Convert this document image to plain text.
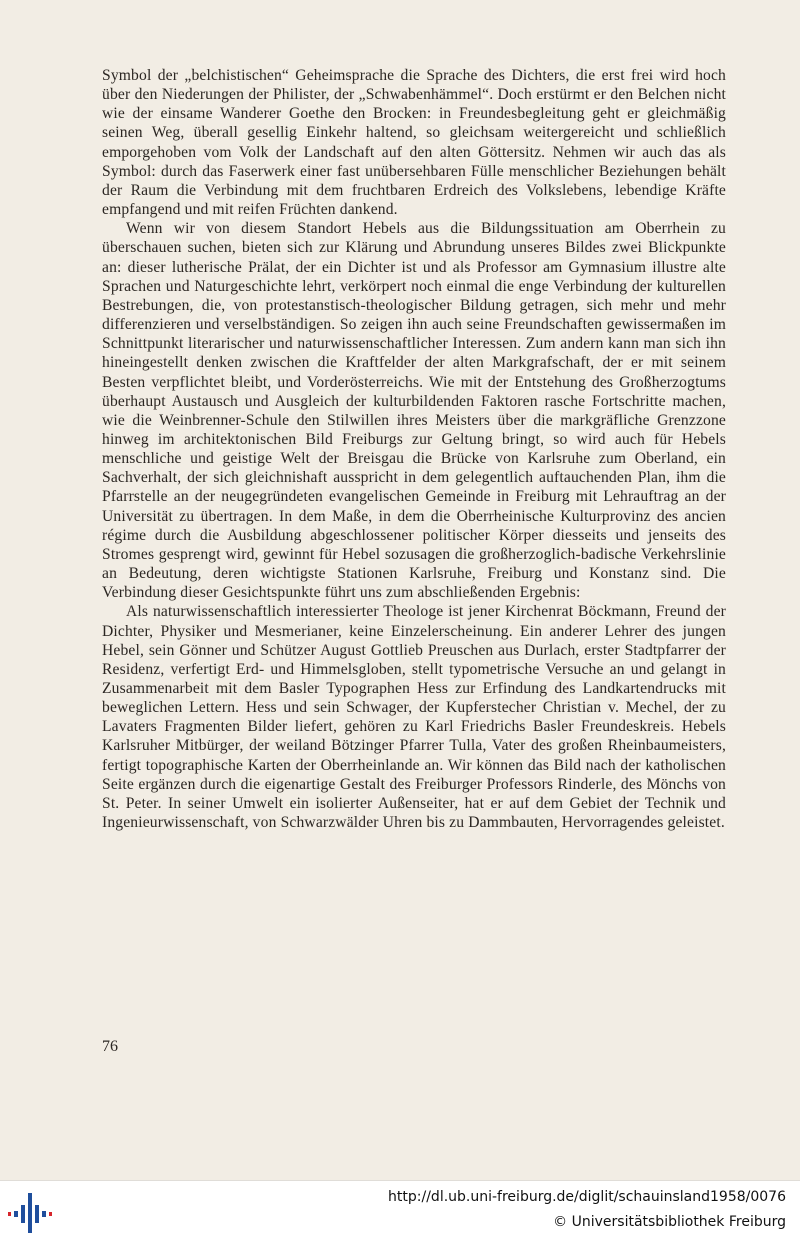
Symbol der „belchistischen“ Geheimsprache die Sprache des Dichters, die erst frei wird hoch über den Niederungen der Philister, der „Schwabenhämmel“. Doch erstürmt er den Belchen nicht wie der einsame Wanderer Goethe den Brocken: in Freundesbegleitung geht er gleichmäßig seinen Weg, überall gesellig Einkehr haltend, so gleichsam weitergereicht und schließlich emporgehoben vom Volk der Landschaft auf den alten Göttersitz. Nehmen wir auch das als Symbol: durch das Faserwerk einer fast unübersehbaren Fülle menschlicher Beziehungen behält der Raum die Verbindung mit dem fruchtbaren Erdreich des Volkslebens, lebendige Kräfte empfangend und mit reifen Früchten dankend.

Wenn wir von diesem Standort Hebels aus die Bildungssituation am Oberrhein zu überschauen suchen, bieten sich zur Klärung und Abrundung unseres Bildes zwei Blickpunkte an: dieser lutherische Prälat, der ein Dichter ist und als Professor am Gymnasium illustre alte Sprachen und Naturgeschichte lehrt, verkörpert noch einmal die enge Verbindung der kulturellen Bestrebungen, die, von protestanstisch-theologischer Bildung getragen, sich mehr und mehr differenzieren und verselbständigen. So zeigen ihn auch seine Freundschaften gewissermaßen im Schnittpunkt literarischer und naturwissenschaftlicher Interessen. Zum andern kann man sich ihn hineingestellt denken zwischen die Kraftfelder der alten Markgrafschaft, der er mit seinem Besten verpflichtet bleibt, und Vorderösterreichs. Wie mit der Entstehung des Großherzogtums überhaupt Austausch und Ausgleich der kulturbildenden Faktoren rasche Fortschritte machen, wie die Weinbrenner-Schule den Stilwillen ihres Meisters über die markgräfliche Grenzzone hinweg im architektonischen Bild Freiburgs zur Geltung bringt, so wird auch für Hebels menschliche und geistige Welt der Breisgau die Brücke von Karlsruhe zum Oberland, ein Sachverhalt, der sich gleichnishaft ausspricht in dem gelegentlich auftauchenden Plan, ihm die Pfarrstelle an der neugegründeten evangelischen Gemeinde in Freiburg mit Lehrauftrag an der Universität zu übertragen. In dem Maße, in dem die Oberrheinische Kulturprovinz des ancien régime durch die Ausbildung abgeschlossener politischer Körper diesseits und jenseits des Stromes gesprengt wird, gewinnt für Hebel sozusagen die großherzoglich-badische Verkehrslinie an Bedeutung, deren wichtigste Stationen Karlsruhe, Freiburg und Konstanz sind. Die Verbindung dieser Gesichtspunkte führt uns zum abschließenden Ergebnis:

Als naturwissenschaftlich interessierter Theologe ist jener Kirchenrat Böckmann, Freund der Dichter, Physiker und Mesmerianer, keine Einzelerscheinung. Ein anderer Lehrer des jungen Hebel, sein Gönner und Schützer August Gottlieb Preuschen aus Durlach, erster Stadtpfarrer der Residenz, verfertigt Erd- und Himmelsgloben, stellt typometrische Versuche an und gelangt in Zusammenarbeit mit dem Basler Typographen Hess zur Erfindung des Landkartendrucks mit beweglichen Lettern. Hess und sein Schwager, der Kupferstecher Christian v. Mechel, der zu Lavaters Fragmenten Bilder liefert, gehören zu Karl Friedrichs Basler Freundeskreis. Hebels Karlsruher Mitbürger, der weiland Bötzinger Pfarrer Tulla, Vater des großen Rheinbaumeisters, fertigt topographische Karten der Oberrheinlande an. Wir können das Bild nach der katholischen Seite ergänzen durch die eigenartige Gestalt des Freiburger Professors Rinderle, des Mönchs von St. Peter. In seiner Umwelt ein isolierter Außenseiter, hat er auf dem Gebiet der Technik und Ingenieurwissenschaft, von Schwarzwälder Uhren bis zu Dammbauten, Hervorragendes geleistet.

76
http://dl.ub.uni-freiburg.de/diglit/schauinsland1958/0076
© Universitätsbibliothek Freiburg
